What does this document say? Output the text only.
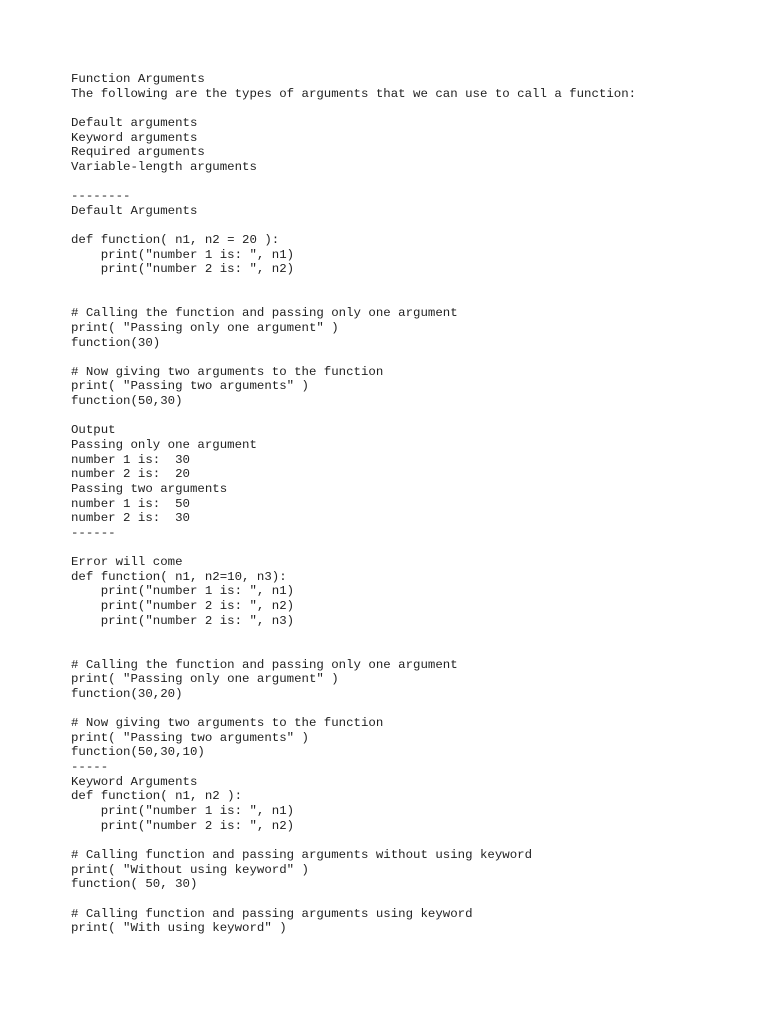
Function Arguments
The following are the types of arguments that we can use to call a function:
Default arguments
Keyword arguments
Required arguments
Variable-length arguments
--------
Default Arguments
def function( n1, n2 = 20 ):
print("number 1 is: ", n1)
print("number 2 is: ", n2)
# Calling the function and passing only one argument
print( "Passing only one argument" )
function(30)
# Now giving two arguments to the function
print( "Passing two arguments" )
function(50,30)
Output
Passing only one argument
number 1 is:  30
number 2 is:  20
Passing two arguments
number 1 is:  50
number 2 is:  30
------
Error will come
def function( n1, n2=10, n3):
print("number 1 is: ", n1)
print("number 2 is: ", n2)
print("number 2 is: ", n3)
# Calling the function and passing only one argument
print( "Passing only one argument" )
function(30,20)
# Now giving two arguments to the function
print( "Passing two arguments" )
function(50,30,10)
-----
Keyword Arguments
def function( n1, n2 ):
print("number 1 is: ", n1)
print("number 2 is: ", n2)
# Calling function and passing arguments without using keyword
print( "Without using keyword" )
function( 50, 30)
# Calling function and passing arguments using keyword
print( "With using keyword" )
